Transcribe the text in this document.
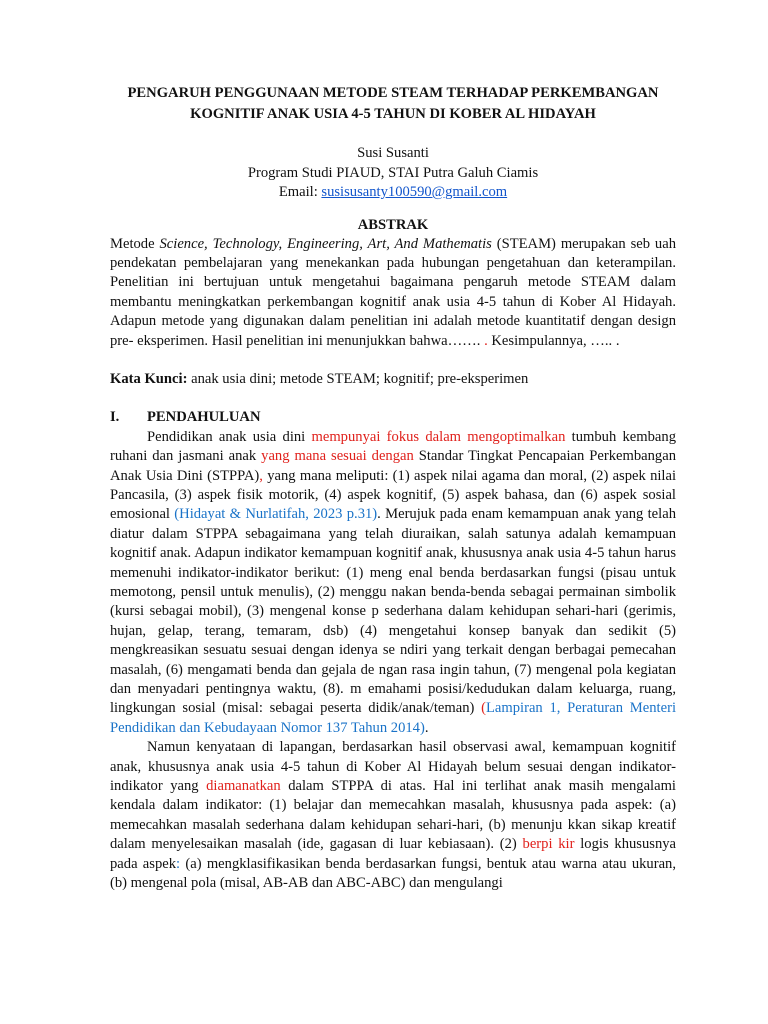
PENGARUH PENGGUNAAN METODE STEAM TERHADAP PERKEMBANGAN
KOGNITIF ANAK USIA 4-5 TAHUN DI KOBER AL HIDAYAH
Susi Susanti
Program Studi PIAUD, STAI Putra Galuh Ciamis
Email: susisusanty100590@gmail.com
ABSTRAK

Metode Science, Technology, Engineering, Art, And Mathematis (STEAM) merupakan seb uah pendekatan pembelajaran yang menekankan pada hubungan pengetahuan dan keterampilan. Penelitian ini bertujuan untuk mengetahui bagaimana pengaruh metode STEAM dalam membantu meningkatkan perkembangan kognitif anak usia 4-5 tahun di Kober Al Hidayah. Adapun metode yang digunakan dalam penelitian ini adalah metode kuantitatif dengan design pre- eksperimen. Hasil penelitian ini menunjukkan bahwa……. . Kesimpulannya, ….. .

Kata Kunci: anak usia dini; metode STEAM; kognitif; pre-eksperimen

I.	PENDAHULUAN

Pendidikan anak usia dini mempunyai fokus dalam mengoptimalkan tumbuh kembang ruhani dan jasmani anak yang mana sesuai dengan Standar Tingkat Pencapaian Perkembangan Anak Usia Dini (STPPA), yang mana meliputi: (1) aspek nilai agama dan moral, (2) aspek nilai Pancasila, (3) aspek fisik motorik, (4) aspek kognitif, (5) aspek bahasa, dan (6) aspek sosial emosional (Hidayat & Nurlatifah, 2023 p.31). Merujuk pada enam kemampuan anak yang telah diatur dalam STPPA sebagaimana yang telah diuraikan, salah satunya adalah kemampuan kognitif anak. Adapun indikator kemampuan kognitif anak, khususnya anak usia 4-5 tahun harus memenuhi indikator-indikator berikut: (1) meng enal benda berdasarkan fungsi (pisau untuk memotong, pensil untuk menulis), (2) menggu nakan benda-benda sebagai permainan simbolik (kursi sebagai mobil), (3) mengenal konse p sederhana dalam kehidupan sehari-hari (gerimis, hujan, gelap, terang, temaram, dsb) (4) mengetahui konsep banyak dan sedikit (5) mengkreasikan sesuatu sesuai dengan idenya se ndiri yang terkait dengan berbagai pemecahan masalah, (6) mengamati benda dan gejala de ngan rasa ingin tahun, (7) mengenal pola kegiatan dan menyadari pentingnya waktu, (8). m emahami posisi/kedudukan dalam keluarga, ruang, lingkungan sosial (misal: sebagai peserta didik/anak/teman) (Lampiran 1, Peraturan Menteri Pendidikan dan Kebudayaan Nomor 137 Tahun 2014).

Namun kenyataan di lapangan, berdasarkan hasil observasi awal, kemampuan kognitif anak, khususnya anak usia 4-5 tahun di Kober Al Hidayah belum sesuai dengan indikator-indikator yang diamanatkan dalam STPPA di atas. Hal ini terlihat anak masih mengalami kendala dalam indikator: (1) belajar dan memecahkan masalah, khususnya pada aspek: (a) memecahkan masalah sederhana dalam kehidupan sehari-hari, (b) menunju kkan sikap kreatif dalam menyelesaikan masalah (ide, gagasan di luar kebiasaan). (2) berpi kir logis khususnya pada aspek: (a) mengklasifikasikan benda berdasarkan fungsi, bentuk atau warna atau ukuran, (b) mengenal pola (misal, AB-AB dan ABC-ABC) dan mengulangi
